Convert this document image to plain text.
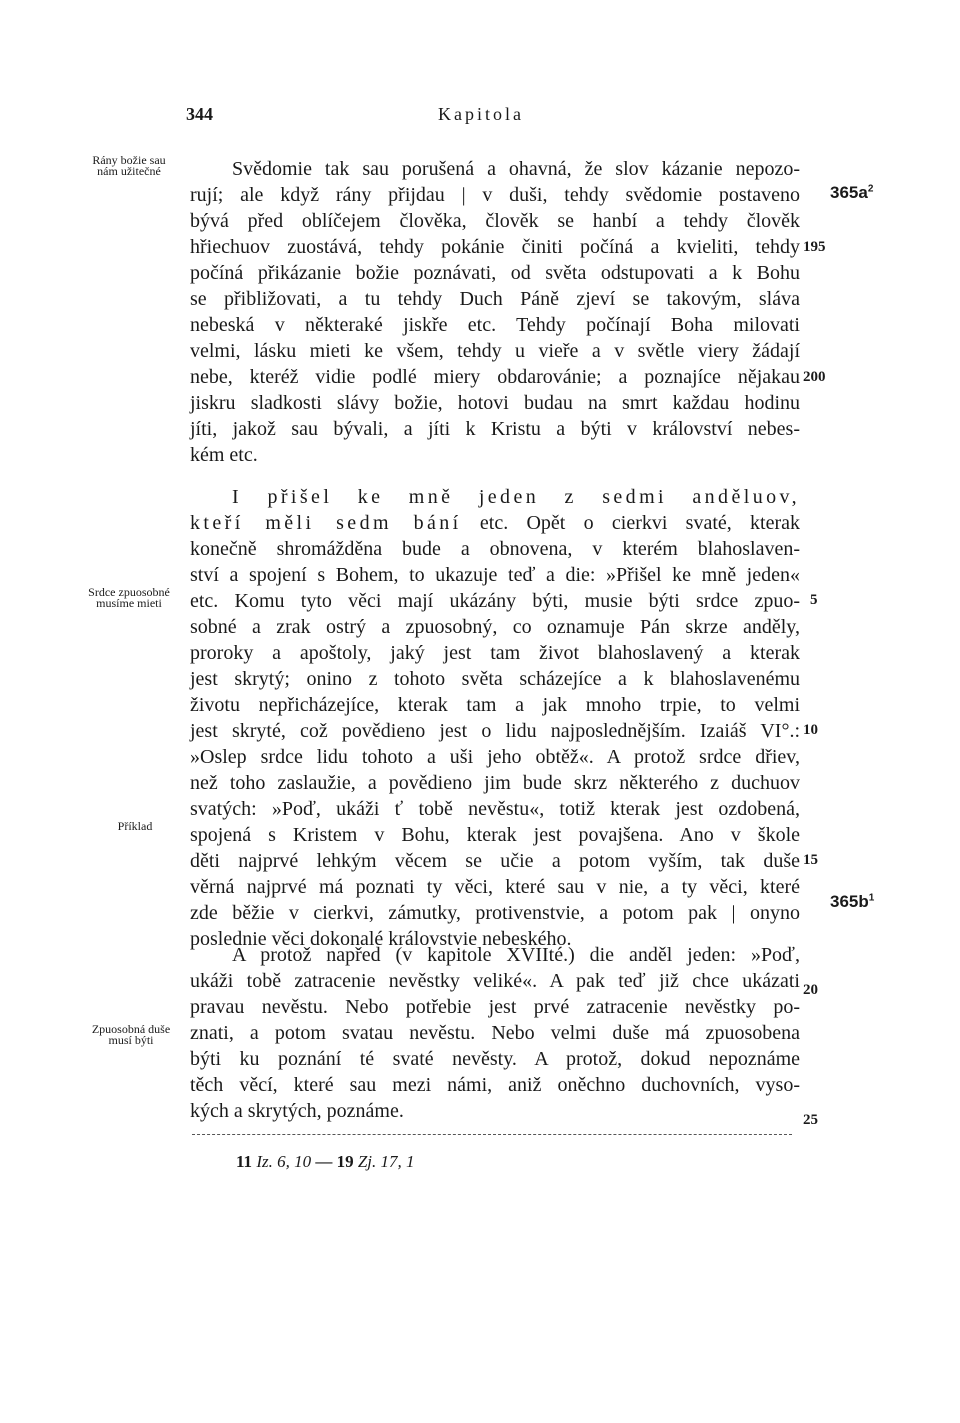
344	Kapitola
Svědomie tak sau porušená a ohavná, že slov kázanie nepozo-
rují; ale když rány přijdau | v duši, tehdy svědomie postaveno
bývá před oblíčejem člověka, člověk se hanbí a tehdy člověk
hřiechuov zuostává, tehdy pokánie činiti počíná a kvieliti, tehdy
počíná přikázanie božie poznávati, od světa odstupovati a k Bohu
se přibližovati, a tu tehdy Duch Páně zjeví se takovým, sláva
nebeská v některaké jiskře etc. Tehdy počínají Boha milovati
velmi, lásku mieti ke všem, tehdy u vieře a v světle viery žádají
nebe, kteréž vidie podlé miery obdarovánie; a poznajíce nějakau
jiskru sladkosti slávy božie, hotovi budau na smrt každau hodinu
jíti, jakož sau bývali, a jíti k Kristu a býti v království nebes-
kém etc.
I přišel ke mně jeden z sedmi anděluov,
kteří měli sedm bání etc. Opět o cierkvi svaté, kterak
konečně shromážděna bude a obnovena, v kterém blahoslaven-
ství a spojení s Bohem, to ukazuje teď a die: »Přišel ke mně jeden«
etc. Komu tyto věci mají ukázány býti, musie býti srdce zpuo-
sobné a zrak ostrý a zpuosobný, co oznamuje Pán skrze anděly,
proroky a apoštoly, jaký jest tam život blahoslavený a kterak
jest skrytý; onino z tohoto světa scházejíce a k blahoslavenému
životu nepřicházejíce, kterak tam a jak mnoho trpie, to velmi
jest skryté, což povědieno jest o lidu najposlednějším. Izaiáš VI°.:
»Oslep srdce lidu tohoto a uši jeho obtěž«. A protož srdce dřiev,
než toho zaslaužie, a povědieno jim bude skrz některého z duchuov
svatých: »Poď, ukáži ť tobě nevěstu«, totiž kterak jest ozdobená,
spojená s Kristem v Bohu, kterak jest povajšena. Ano v škole
děti najprvé lehkým věcem se učie a potom vyším, tak duše
věrná najprvé má poznati ty věci, které sau v nie, a ty věci, které
zde běžie v cierkvi, zámutky, protivenstvie, a potom pak | onyno
poslednie věci dokonalé královstvie nebeského.
A protož napřed (v kapitole XVIIté.) die anděl jeden: »Poď,
ukáži tobě zatracenie nevěstky veliké«. A pak teď již chce ukázati
pravau nevěstu. Nebo potřebie jest prvé zatracenie nevěstky po-
znati, a potom svatau nevěstu. Nebo velmi duše má zpuosobena
býti ku poznání té svaté nevěsty. A protož, dokud nepoznáme
těch věcí, které sau mezi námi, aniž oněchno duchovních, vyso-
kých a skrytých, poznáme.
Rány božie sau
nám užitečné
Srdce zpuosobné
musíme mieti
Příklad
Zpuosobná duše
musí býti
195
200
5
10
15
20
25
$365a^2$
$365b^1$
11 Iz. 6, 10 — 19 Zj. 17, 1
